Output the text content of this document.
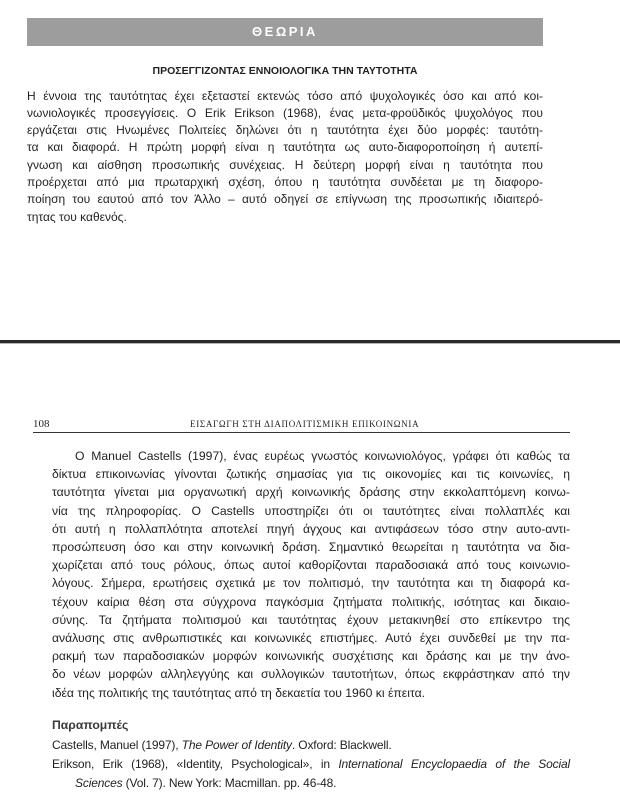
ΘΕΩΡΙΑ
ΠΡΟΣΕΓΓΙΖΟΝΤΑΣ ΕΝΝΟΙΟΛΟΓΙΚΑ ΤΗΝ ΤΑΥΤΟΤΗΤΑ
Η έννοια της ταυτότητας έχει εξεταστεί εκτενώς τόσο από ψυχολογικές όσο και από κοι-
νωνιολογικές προσεγγίσεις. Ο Erik Erikson (1968), ένας μετα-φροϋδικός ψυχολόγος που
εργάζεται στις Ηνωμένες Πολιτείες δηλώνει ότι η ταυτότητα έχει δύο μορφές: ταυτότη-
τα και διαφορά. Η πρώτη μορφή είναι η ταυτότητα ως αυτο-διαφοροποίηση ή αυτεπί-
γνωση και αίσθηση προσωπικής συνέχειας. Η δεύτερη μορφή είναι η ταυτότητα που
προέρχεται από μια πρωταρχική σχέση, όπου η ταυτότητα συνδέεται με τη διαφορο-
ποίηση του εαυτού από τον Άλλο – αυτό οδηγεί σε επίγνωση της προσωπικής ιδιαιτερό-
τητας του καθενός.
108	ΕΙΣΑΓΩΓΗ ΣΤΗ ΔΙΑΠΟΛΙΤΙΣΜΙΚΗ ΕΠΙΚΟΙΝΩΝΙΑ
Ο Manuel Castells (1997), ένας ευρέως γνωστός κοινωνιολόγος, γράφει ότι καθώς τα
δίκτυα επικοινωνίας γίνονται ζωτικής σημασίας για τις οικονομίες και τις κοινωνίες, η
ταυτότητα γίνεται μια οργανωτική αρχή κοινωνικής δράσης στην εκκολαπτόμενη κοινω-
νία της πληροφορίας. Ο Castells υποστηρίζει ότι οι ταυτότητες είναι πολλαπλές και
ότι αυτή η πολλαπλότητα αποτελεί πηγή άγχους και αντιφάσεων τόσο στην αυτο-αντι-
προσώπευση όσο και στην κοινωνική δράση. Σημαντικό θεωρείται η ταυτότητα να δια-
χωρίζεται από τους ρόλους, όπως αυτοί καθορίζονται παραδοσιακά από τους κοινωνιο-
λόγους. Σήμερα, ερωτήσεις σχετικά με τον πολιτισμό, την ταυτότητα και τη διαφορά κα-
τέχουν καίρια θέση στα σύγχρονα παγκόσμια ζητήματα πολιτικής, ισότητας και δικαιο-
σύνης. Τα ζητήματα πολιτισμού και ταυτότητας έχουν μετακινηθεί στο επίκεντρο της
ανάλυσης στις ανθρωπιστικές και κοινωνικές επιστήμες. Αυτό έχει συνδεθεί με την πα-
ρακμή των παραδοσιακών μορφών κοινωνικής συσχέτισης και δράσης και με την άνο-
δο νέων μορφών αλληλεγγύης και συλλογικών ταυτοτήτων, όπως εκφράστηκαν από την
ιδέα της πολιτικής της ταυτότητας από τη δεκαετία του 1960 κι έπειτα.
Παραπομπές
Castells, Manuel (1997), The Power of Identity. Oxford: Blackwell.
Erikson, Erik (1968), «Identity, Psychological», in International Encyclopaedia of the Social
Sciences (Vol. 7). New York: Macmillan. pp. 46-48.
